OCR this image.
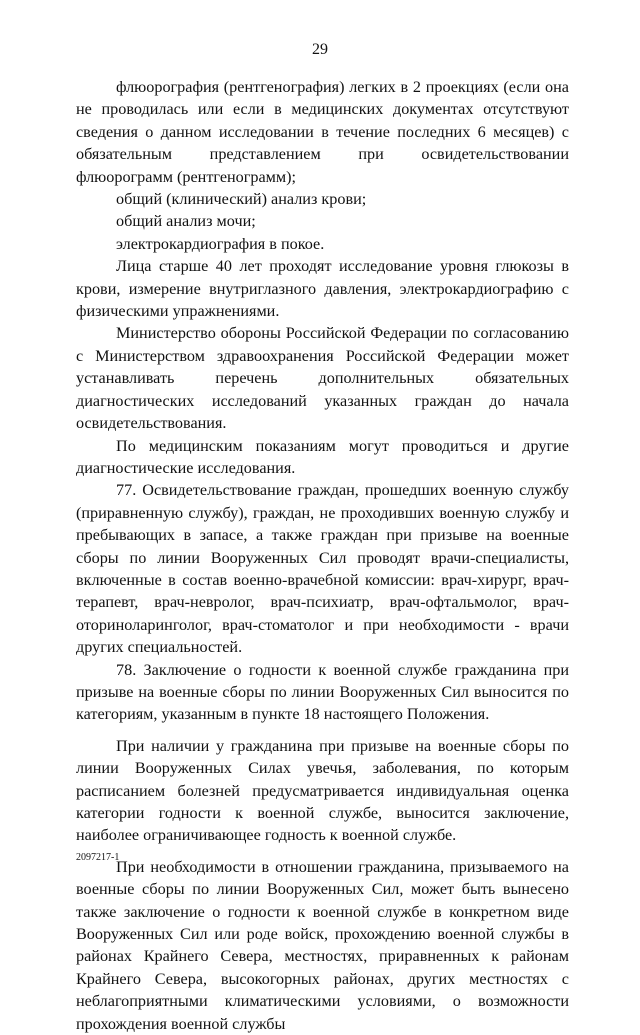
29

флюорография (рентгенография) легких в 2 проекциях (если она не проводилась или если в медицинских документах отсутствуют сведения о данном исследовании в течение последних 6 месяцев) с обязательным представлением при освидетельствовании флюорограмм (рентгенограмм);

общий (клинический) анализ крови;

общий анализ мочи;

электрокардиография в покое.

Лица старше 40 лет проходят исследование уровня глюкозы в крови, измерение внутриглазного давления, электрокардиографию с физическими упражнениями.

Министерство обороны Российской Федерации по согласованию с Министерством здравоохранения Российской Федерации может устанавливать перечень дополнительных обязательных диагностических исследований указанных граждан до начала освидетельствования.

По медицинским показаниям могут проводиться и другие диагностические исследования.

77. Освидетельствование граждан, прошедших военную службу (приравненную службу), граждан, не проходивших военную службу и пребывающих в запасе, а также граждан при призыве на военные сборы по линии Вооруженных Сил проводят врачи-специалисты, включенные в состав военно-врачебной комиссии: врач-хирург, врач-терапевт, врач-невролог, врач-психиатр, врач-офтальмолог, врач-оториноларинголог, врач-стоматолог и при необходимости - врачи других специальностей.

78. Заключение о годности к военной службе гражданина при призыве на военные сборы по линии Вооруженных Сил выносится по категориям, указанным в пункте 18 настоящего Положения.

При наличии у гражданина при призыве на военные сборы по линии Вооруженных Силах увечья, заболевания, по которым расписанием болезней предусматривается индивидуальная оценка категории годности к военной службе, выносится заключение, наиболее ограничивающее годность к военной службе.

При необходимости в отношении гражданина, призываемого на военные сборы по линии Вооруженных Сил, может быть вынесено также заключение о годности к военной службе в конкретном виде Вооруженных Сил или роде войск, прохождению военной службы в районах Крайнего Севера, местностях, приравненных к районам Крайнего Севера, высокогорных районах, других местностях с неблагоприятными климатическими условиями, о возможности прохождения военной службы

2097217-1
